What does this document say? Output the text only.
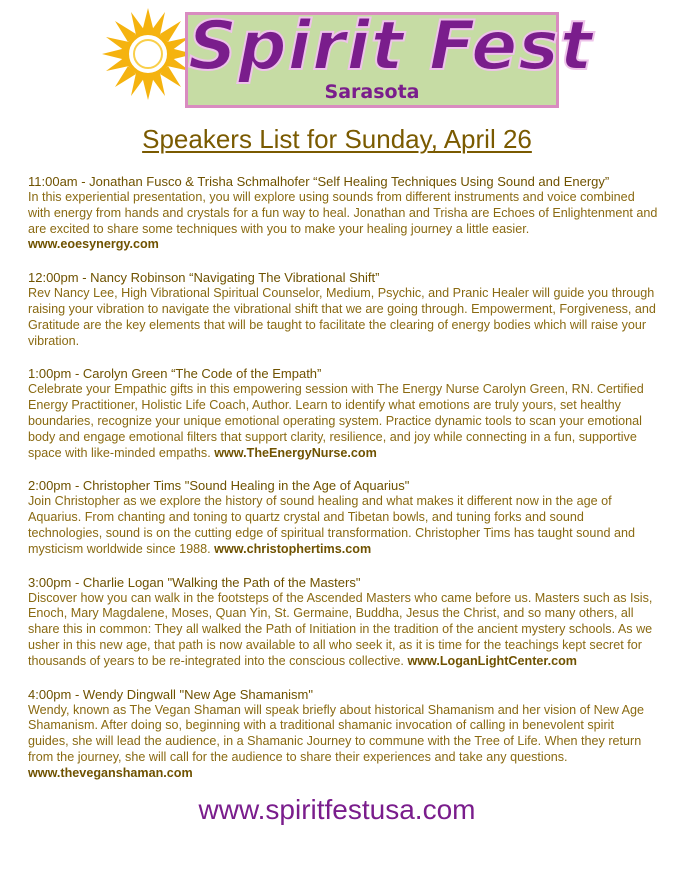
Spirit Fest
Sarasota
Speakers List for Sunday, April 26
11:00am - Jonathan Fusco & Trisha Schmalhofer “Self Healing Techniques Using Sound and Energy”
In this experiential presentation, you will explore using sounds from different instruments and voice combined with energy from hands and crystals for a fun way to heal. Jonathan and Trisha are Echoes of Enlightenment and are excited to share some techniques with you to make your healing journey a little easier. www.eoesynergy.com
12:00pm - Nancy Robinson “Navigating The Vibrational Shift”
Rev Nancy Lee, High Vibrational Spiritual Counselor, Medium, Psychic, and Pranic Healer will guide you through raising your vibration to navigate the vibrational shift that we are going through. Empowerment, Forgiveness, and Gratitude are the key elements that will be taught to facilitate the clearing of energy bodies which will raise your vibration.
1:00pm - Carolyn Green “The Code of the Empath”
Celebrate your Empathic gifts in this empowering session with The Energy Nurse Carolyn Green, RN. Certified Energy Practitioner, Holistic Life Coach, Author. Learn to identify what emotions are truly yours, set healthy boundaries, recognize your unique emotional operating system. Practice dynamic tools to scan your emotional body and engage emotional filters that support clarity, resilience, and joy while connecting in a fun, supportive space with like-minded empaths. www.TheEnergyNurse.com
2:00pm - Christopher Tims "Sound Healing in the Age of Aquarius"
Join Christopher as we explore the history of sound healing and what makes it different now in the age of Aquarius. From chanting and toning to quartz crystal and Tibetan bowls, and tuning forks and sound technologies, sound is on the cutting edge of spiritual transformation. Christopher Tims has taught sound and mysticism worldwide since 1988. www.christophertims.com
3:00pm - Charlie Logan "Walking the Path of the Masters"
Discover how you can walk in the footsteps of the Ascended Masters who came before us. Masters such as Isis, Enoch, Mary Magdalene, Moses, Quan Yin, St. Germaine, Buddha, Jesus the Christ, and so many others, all share this in common: They all walked the Path of Initiation in the tradition of the ancient mystery schools. As we usher in this new age, that path is now available to all who seek it, as it is time for the teachings kept secret for thousands of years to be re-integrated into the conscious collective. www.LoganLightCenter.com
4:00pm - Wendy Dingwall "New Age Shamanism"
Wendy, known as The Vegan Shaman will speak briefly about historical Shamanism and her vision of New Age Shamanism. After doing so, beginning with a traditional shamanic invocation of calling in benevolent spirit guides, she will lead the audience, in a Shamanic Journey to commune with the Tree of Life. When they return from the journey, she will call for the audience to share their experiences and take any questions. www.theveganshaman.com
www.spiritfestusa.com
